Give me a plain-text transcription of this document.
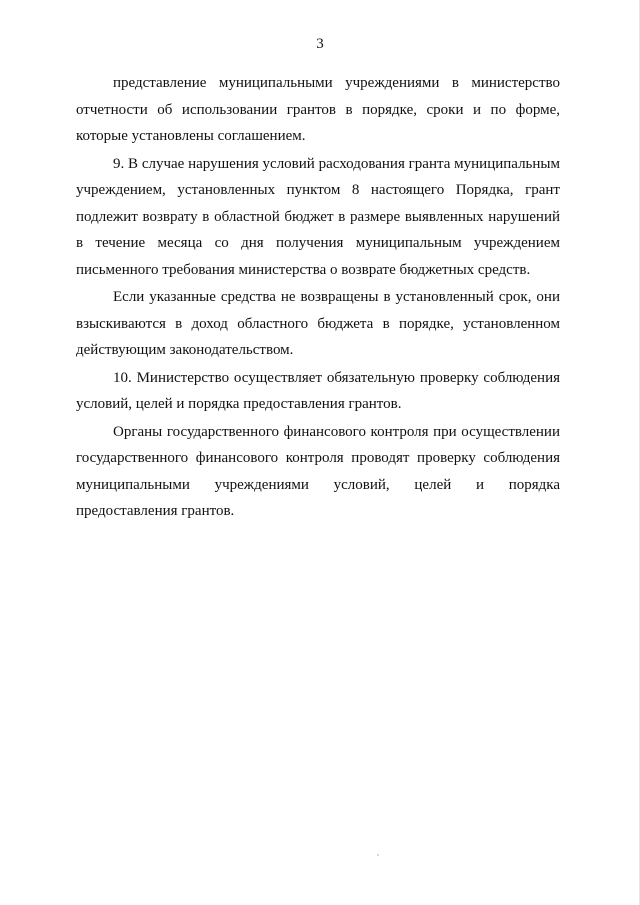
3

представление муниципальными учреждениями в министерство отчетности об использовании грантов в порядке, сроки и по форме, которые установлены соглашением.

9. В случае нарушения условий расходования гранта муниципальным учреждением, установленных пунктом 8 настоящего Порядка, грант подлежит возврату в областной бюджет в размере выявленных нарушений в течение месяца со дня получения муниципальным учреждением письменного требования министерства о возврате бюджетных средств.

Если указанные средства не возвращены в установленный срок, они взыскиваются в доход областного бюджета в порядке, установленном действующим законодательством.

10. Министерство осуществляет обязательную проверку соблюдения условий, целей и порядка предоставления грантов.

Органы государственного финансового контроля при осуществлении государственного финансового контроля проводят проверку соблюдения муниципальными учреждениями условий, целей и порядка предоставления грантов.
